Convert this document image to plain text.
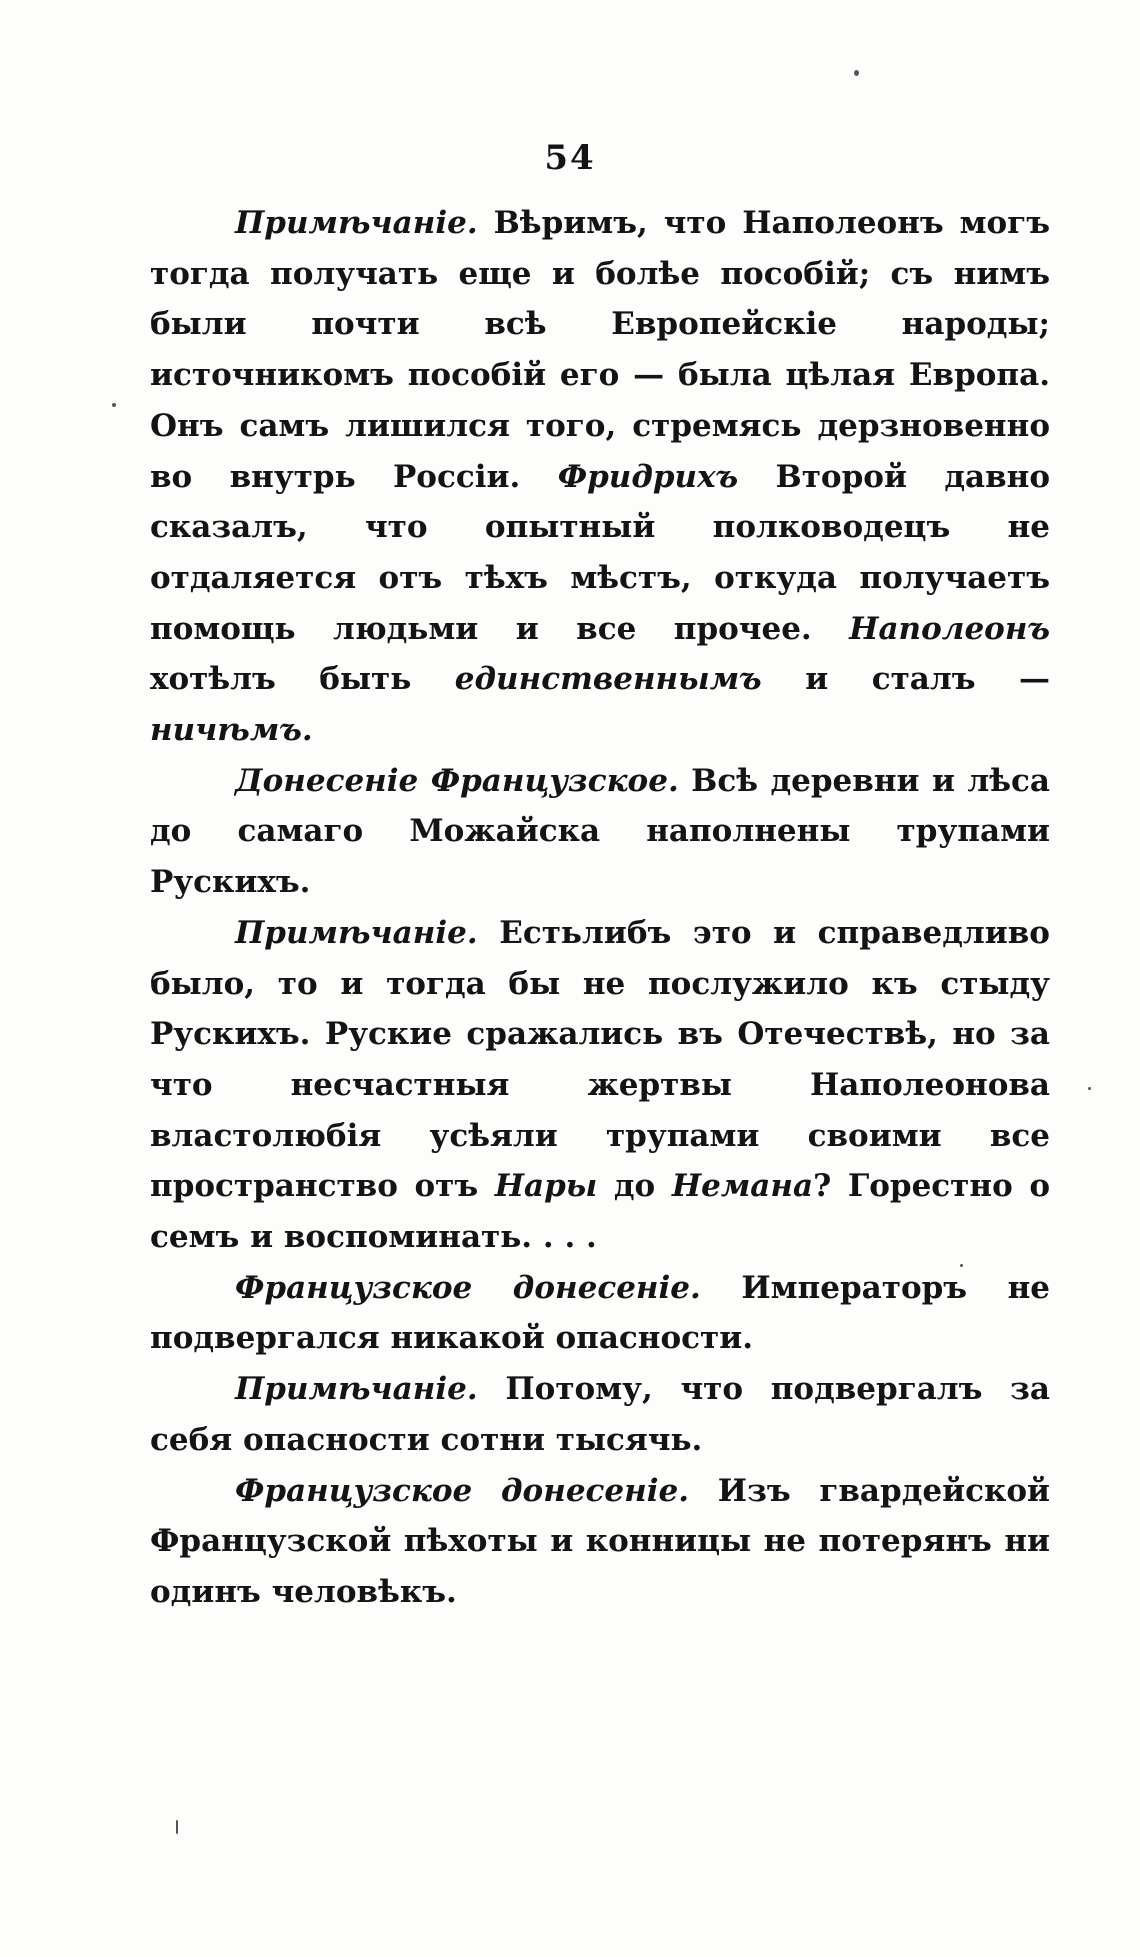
54

Примѣчаніе. Вѣримъ, что Наполеонъ могъ тогда получать еще и болѣе пособій; съ нимъ были почти всѣ Европейскіе народы; источникомъ пособій его — была цѣлая Европа. Онъ самъ лишился того, стремясь дерзновенно во внутрь Россіи. Фридрихъ Второй давно сказалъ, что опытный полководецъ не отдаляется отъ тѣхъ мѣстъ, откуда получаетъ помощь людьми и все прочее. Наполеонъ хотѣлъ быть единственнымъ и сталъ — ничѣмъ.

Донесеніе Французское. Всѣ деревни и лѣса до самаго Можайска наполнены трупами Рускихъ.

Примѣчаніе. Естьлибъ это и справедливо было, то и тогда бы не послужило къ стыду Рускихъ. Руские сражались въ Отечествѣ, но за что несчастныя жертвы Наполеонова властолюбія усѣяли трупами своими все пространство отъ Нары до Немана? Горестно о семъ и воспоминать. . . .

Французское донесеніе. Императоръ не подвергался никакой опасности.

Примѣчаніе. Потому, что подвергалъ за себя опасности сотни тысячь.

Французское донесеніе. Изъ гвардейской Французской пѣхоты и конницы не потерянъ ни одинъ человѣкъ.
